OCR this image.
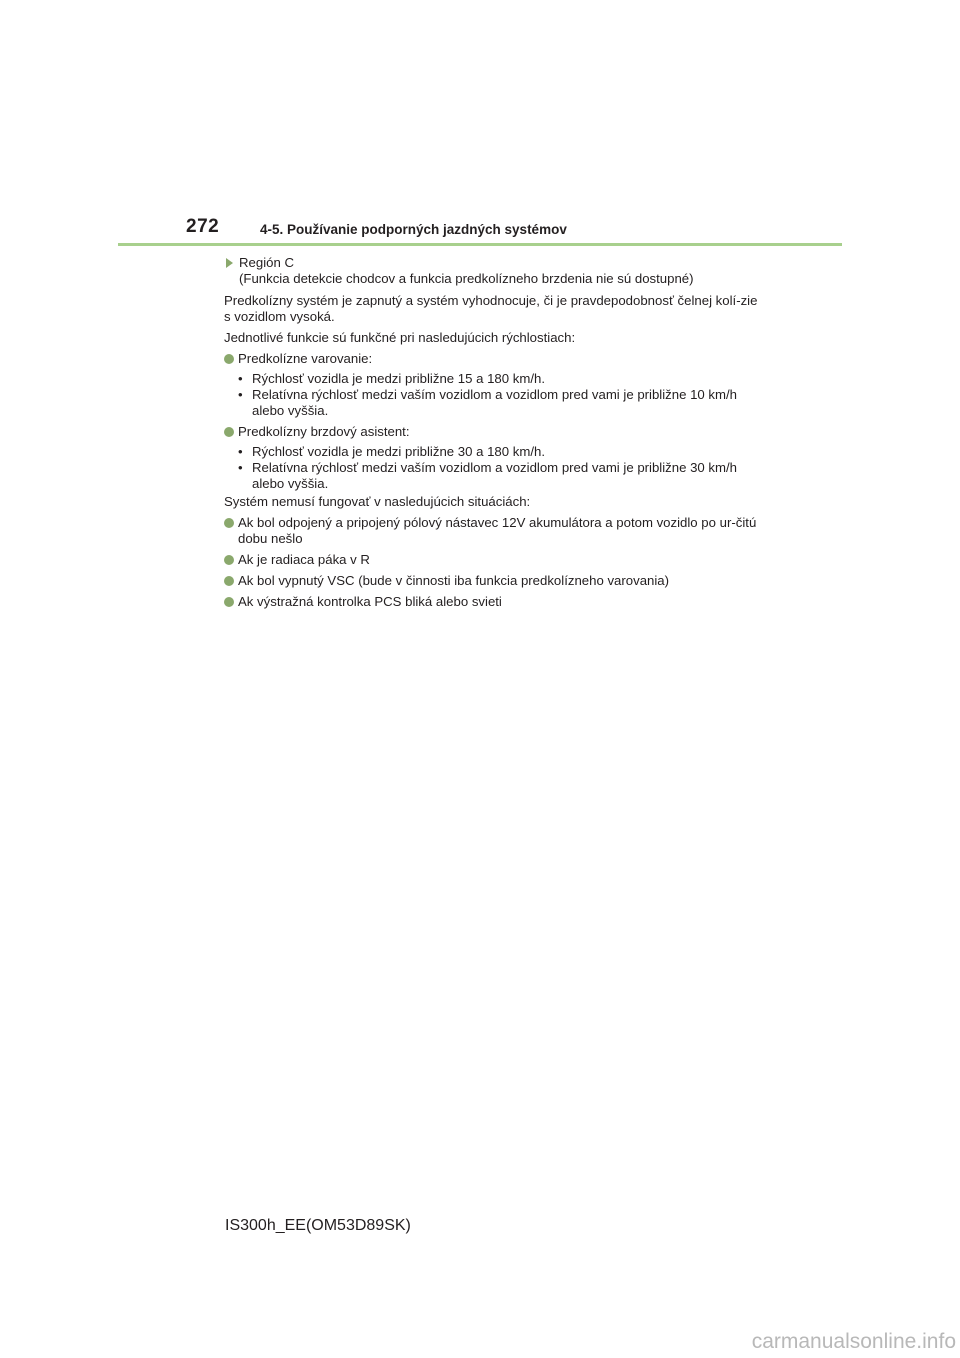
272	4-5. Používanie podporných jazdných systémov
Región C
(Funkcia detekcie chodcov a funkcia predkolízneho brzdenia nie sú dostupné)

Predkolízny systém je zapnutý a systém vyhodnocuje, či je pravdepodobnosť čelnej kolí-zie s vozidlom vysoká.

Jednotlivé funkcie sú funkčné pri nasledujúcich rýchlostiach:

Predkolízne varovanie:
• Rýchlosť vozidla je medzi približne 15 a 180 km/h.
• Relatívna rýchlosť medzi vaším vozidlom a vozidlom pred vami je približne 10 km/h alebo vyššia.
Predkolízny brzdový asistent:
• Rýchlosť vozidla je medzi približne 30 a 180 km/h.
• Relatívna rýchlosť medzi vaším vozidlom a vozidlom pred vami je približne 30 km/h alebo vyššia.

Systém nemusí fungovať v nasledujúcich situáciách:

Ak bol odpojený a pripojený pólový nástavec 12V akumulátora a potom vozidlo po ur-čitú dobu nešlo
Ak je radiaca páka v R
Ak bol vypnutý VSC (bude v činnosti iba funkcia predkolízneho varovania)
Ak výstražná kontrolka PCS bliká alebo svieti
IS300h_EE(OM53D89SK)
carmanualsonline.info
